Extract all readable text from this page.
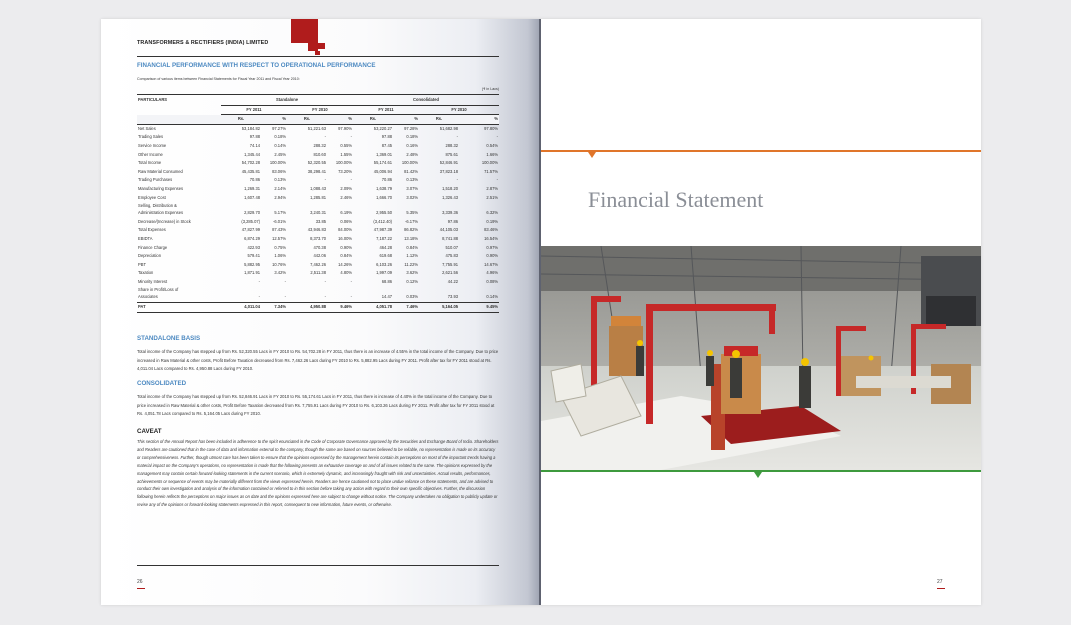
TRANSFORMERS & RECTIFIERS (INDIA) LIMITED
FINANCIAL PERFORMANCE WITH RESPECT TO OPERATIONAL PERFORMANCE
Comparison of various items between Financial Statements for Fiscal Year 2011 and Fiscal Year 2010:
(₹ in Lacs)
PARTICULARS	Standalone				Consolidated			
	FY 2011		FY 2010		FY 2011		FY 2010	
	Rs.	%	Rs.	%	Rs.	%	Rs.	%
Net Sales	53,184.82	97.27%	51,221.63	97.90%	53,220.27	97.28%	51,682.98	97.80%
Trading Sales	97.88	0.18%	-	-	97.88	0.18%	-	-
Service Income	74.14	0.14%	288.32	0.55%	87.45	0.16%	288.32	0.54%
Other Income	1,345.44	2.45%	810.60	1.55%	1,369.01	2.48%	875.61	1.66%
Total Income	54,702.28	100.00%	52,320.55	100.00%	55,174.61	100.00%	52,846.91	100.00%
Raw Material Consumed	45,435.81	83.06%	38,298.41	73.20%	45,006.94	81.42%	37,823.18	71.57%
Trading Purchases	70.86	0.13%	-	-	70.86	0.13%	-	-
Manufacturing Expenses	1,269.31	2.14%	1,088.43	2.09%	1,638.79	3.07%	1,518.20	2.87%
Employee Cost	1,607.48	2.94%	1,285.81	2.46%	1,666.70	3.02%	1,326.43	2.51%
Selling, Distribution &								
Administration Expenses	2,829.70	5.17%	3,240.31	6.19%	2,955.50	5.35%	3,339.36	6.32%
Decrease/(Increase) in Stock	(3,285.07)	-6.01%	33.85	0.06%	(3,412.40)	-6.17%	97.86	0.19%
Total Expenses	47,827.99	87.43%	43,946.83	84.00%	47,987.39	86.82%	44,105.03	83.46%
EBIDTA	6,874.29	12.57%	8,373.70	16.00%	7,187.22	13.18%	8,741.88	16.54%
Finance Charge	422.93	0.75%	470.38	0.90%	464.28	0.84%	510.07	0.97%
Depreciation	579.41	1.06%	442.06	0.84%	619.68	1.12%	475.83	0.90%
PBT	5,882.95	10.76%	7,462.26	14.26%	6,103.26	11.22%	7,755.91	14.67%
Taxation	1,871.91	3.42%	2,511.38	4.80%	1,997.09	3.62%	2,621.56	4.96%
Minority Interest	-	-	-	-	68.86	0.12%	44.22	0.08%
Share in Profit/Loss of								
Associates	-	-	-	-	14.47	0.03%	73.93	0.14%
PAT	4,011.04	7.34%	4,950.88	9.46%	4,051.78	7.46%	5,164.05	9.45%
STANDALONE BASIS
Total income of the Company has stepped up from Rs. 52,320.55 Lacs in FY 2010 to Rs. 54,702.28 in FY 2011, thus there is an increase of 4.55% in the total income of the Company. Due to price increased in Raw Material & other costs, Profit Before Taxation decreased from Rs. 7,462.26 Lacs during FY 2010 to Rs. 5,882.95 Lacs during FY 2011. Profit after tax for FY 2011 stood at Rs. 4,011.04 Lacs compared to Rs. 4,950.88 Lacs during FY 2010.
CONSOLIDATED
Total income of the Company has stepped up from Rs. 52,846.91 Lacs in FY 2010 to Rs. 55,174.61 Lacs in FY 2011, thus there is increase of 4.40% in the total income of the Company. Due to price increased in Raw Material & other costs, Profit Before Taxation decreased from Rs. 7,755.91 Lacs during FY 2010 to Rs. 6,103.26 Lacs during FY 2011. Profit after tax for FY 2011 stood at Rs. 4,051.78 Lacs compared to Rs. 5,164.05 Lacs during FY 2010.
CAVEAT
This section of the Annual Report has been included in adherence to the spirit enunciated in the Code of Corporate Governance approved by the Securities and Exchange Board of India. Shareholders and Readers are cautioned that in the case of data and information external to the company, though the same are based on sources believed to be reliable, no representation is made on its accuracy or comprehensiveness. Further, though utmost care has been taken to ensure that the opinions expressed by the management herein contain its perceptions on most of the important trends having a material impact on the Company's operations, no representation is made that the following presents an exhaustive coverage on and of all issues related to the same. The opinions expressed by the management may contain certain forward-looking statements in the current scenario, which is extremely dynamic, and increasingly fraught with risk and uncertainties. Actual results, performances, achievements or sequence of events may be materially different from the views expressed herein. Readers are hence cautioned not to place undue reliance on these statements, and are advised to conduct their own investigation and analysis of the information contained or referred to in this section before taking any action with regard to their own specific objectives. Further, the discussion following herein reflects the perceptions on major issues as on date and the opinions expressed here are subject to change without notice. The Company undertakes no obligation to publicly update or revise any of the opinions or forward-looking statements expressed in this report, consequent to new information, future events, or otherwise.
26
Financial Statement
27
